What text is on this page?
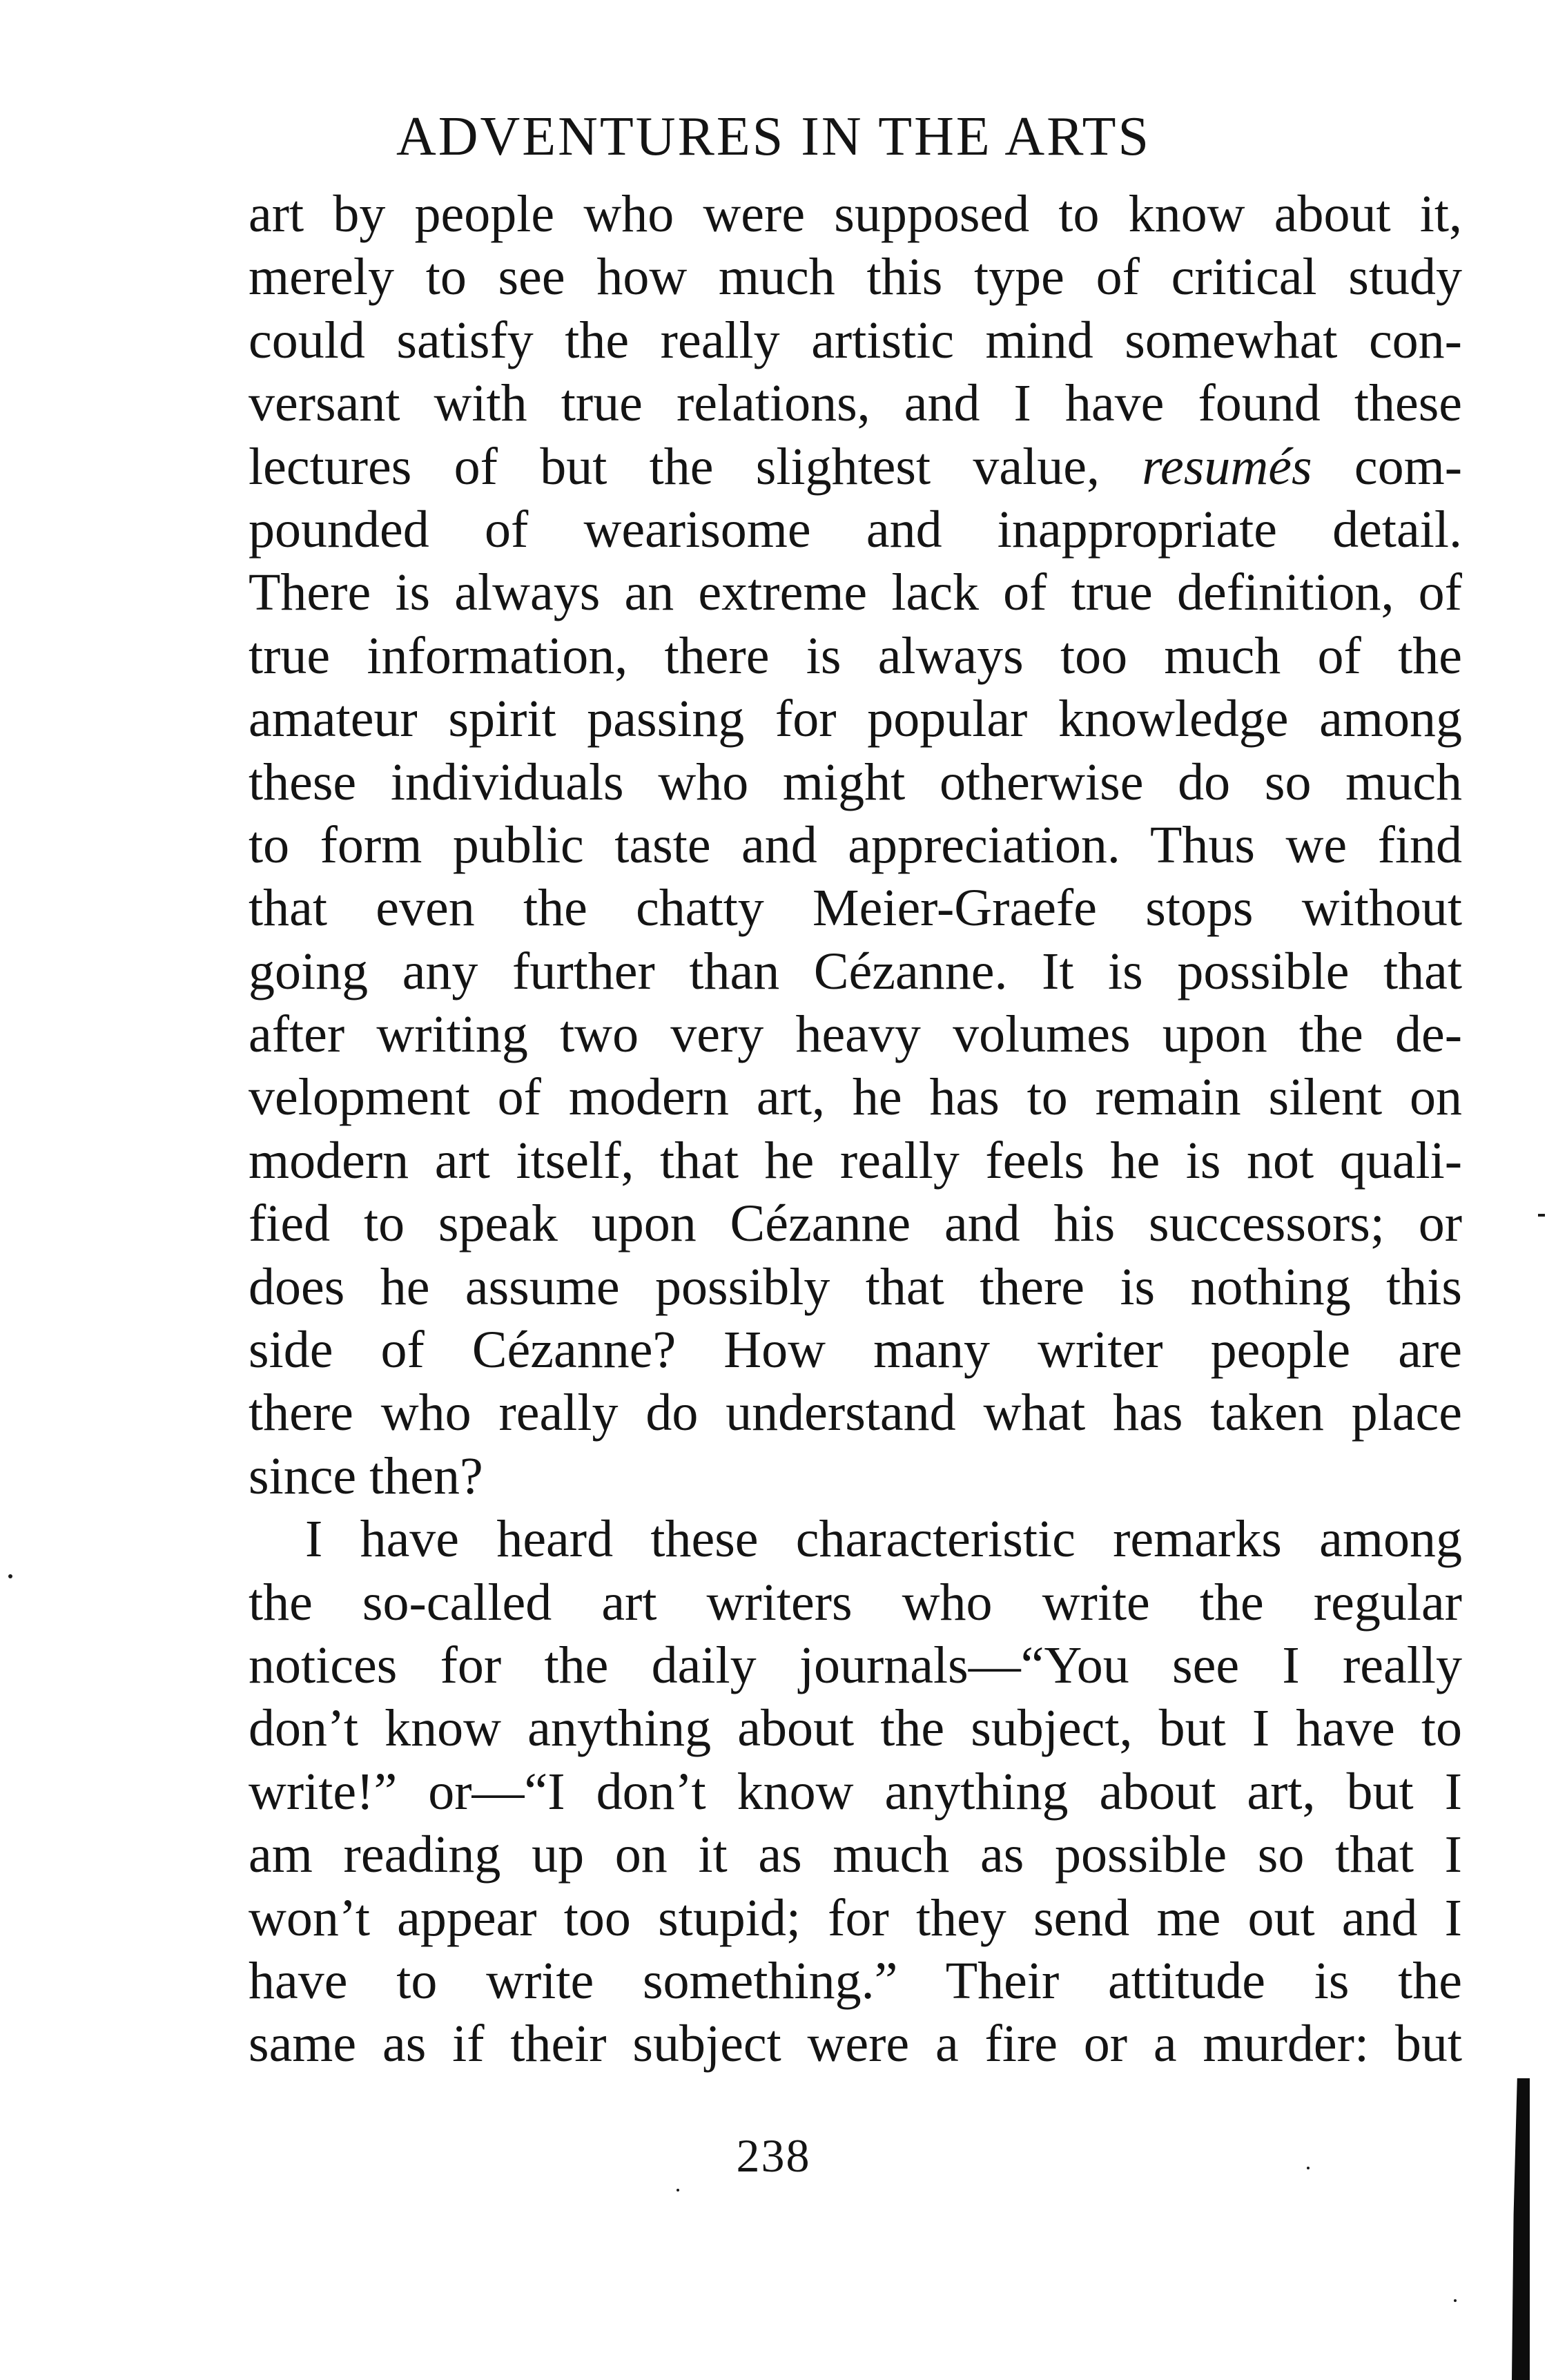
ADVENTURES IN THE ARTS
art by people who were supposed to know about it,
merely to see how much this type of critical study
could satisfy the really artistic mind somewhat con-
versant with true relations, and I have found these
lectures of but the slightest value, resumés com-
pounded of wearisome and inappropriate detail.
There is always an extreme lack of true definition, of
true information, there is always too much of the
amateur spirit passing for popular knowledge among
these individuals who might otherwise do so much
to form public taste and appreciation. Thus we find
that even the chatty Meier-Graefe stops without
going any further than Cézanne. It is possible that
after writing two very heavy volumes upon the de-
velopment of modern art, he has to remain silent on
modern art itself, that he really feels he is not quali-
fied to speak upon Cézanne and his successors; or
does he assume possibly that there is nothing this
side of Cézanne? How many writer people are
there who really do understand what has taken place
since then?
I have heard these characteristic remarks among
the so-called art writers who write the regular
notices for the daily journals—“You see I really
don’t know anything about the subject, but I have to
write!” or—“I don’t know anything about art, but I
am reading up on it as much as possible so that I
won’t appear too stupid; for they send me out and I
have to write something.” Their attitude is the
same as if their subject were a fire or a murder: but
238
